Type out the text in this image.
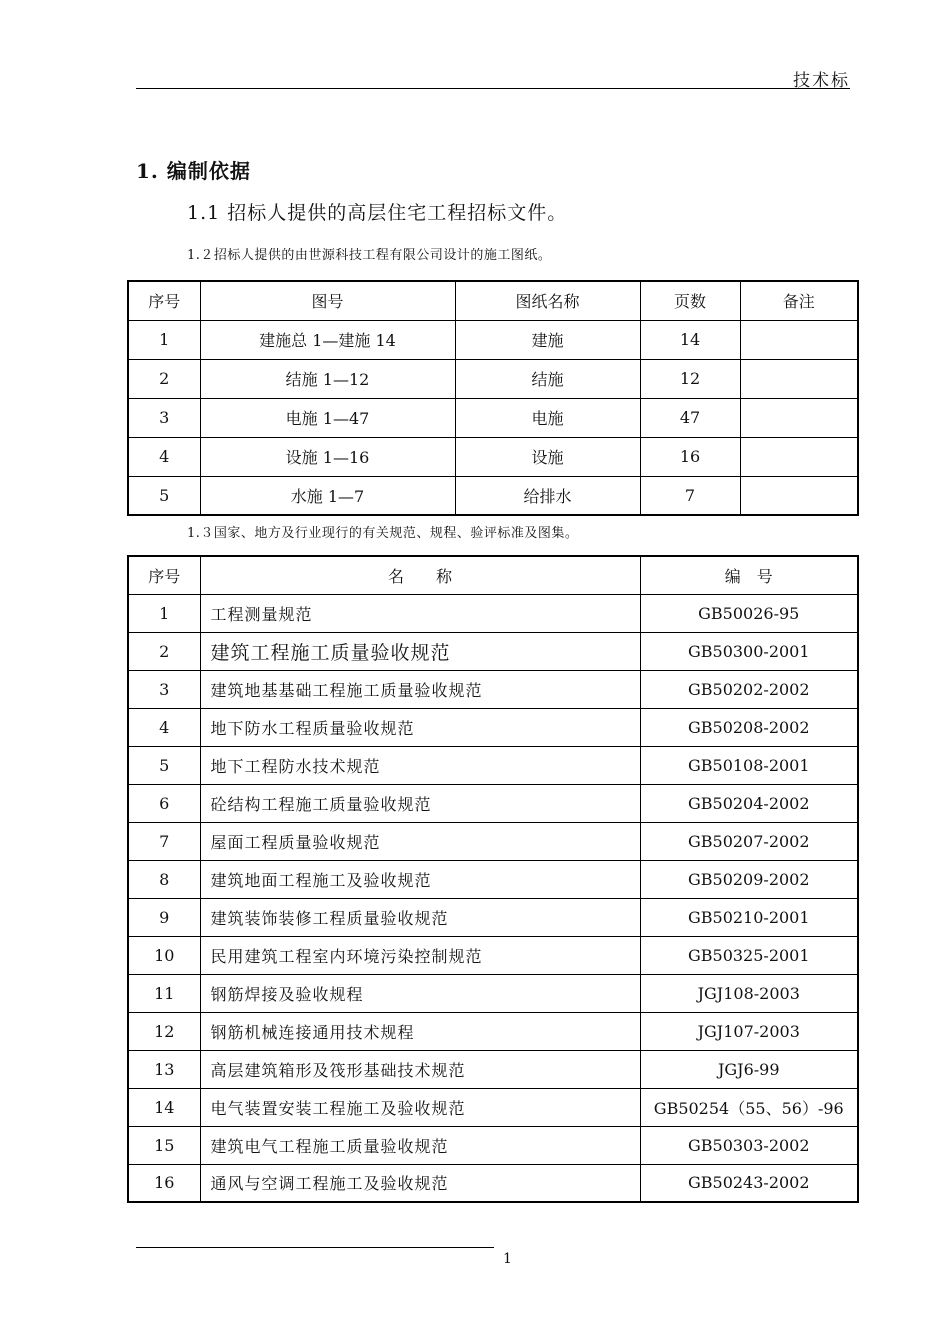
技术标
1. 编制依据
1.1 招标人提供的高层住宅工程招标文件。
1.２招标人提供的由世源科技工程有限公司设计的施工图纸。
序号	图号	图纸名称	页数	备注
1	建施总 1—建施 14	建施	14	
2	结施 1—12	结施	12	
3	电施 1—47	电施	47	
4	设施 1—16	设施	16	
5	水施 1—7	给排水	7	
1.３国家、地方及行业现行的有关规范、规程、验评标准及图集。
序号	名　　称	编　号
1	工程测量规范	GB50026-95
2	建筑工程施工质量验收规范	GB50300-2001
3	建筑地基基础工程施工质量验收规范	GB50202-2002
4	地下防水工程质量验收规范	GB50208-2002
5	地下工程防水技术规范	GB50108-2001
6	砼结构工程施工质量验收规范	GB50204-2002
7	屋面工程质量验收规范	GB50207-2002
8	建筑地面工程施工及验收规范	GB50209-2002
9	建筑装饰装修工程质量验收规范	GB50210-2001
10	民用建筑工程室内环境污染控制规范	GB50325-2001
11	钢筋焊接及验收规程	JGJ108-2003
12	钢筋机械连接通用技术规程	JGJ107-2003
13	高层建筑箱形及筏形基础技术规范	JGJ6-99
14	电气装置安装工程施工及验收规范	GB50254（55、56）-96
15	建筑电气工程施工质量验收规范	GB50303-2002
16	通风与空调工程施工及验收规范	GB50243-2002
1
